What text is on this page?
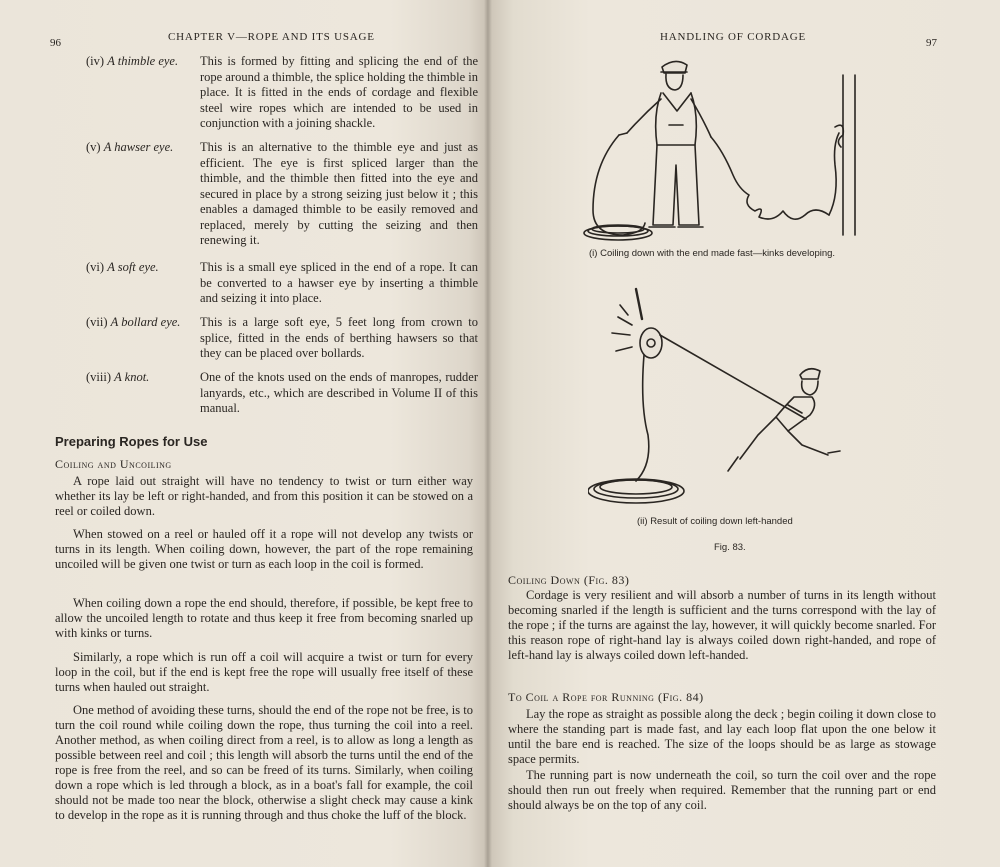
96	CHAPTER V—ROPE AND ITS USAGE
(iv) A thimble eye. This is formed by fitting and splicing the end of the rope around a thimble, the splice holding the thimble in place. It is fitted in the ends of cordage and flexible steel wire ropes which are intended to be used in conjunction with a joining shackle.
(v) A hawser eye. This is an alternative to the thimble eye and just as efficient. The eye is first spliced larger than the thimble, and the thimble then fitted into the eye and secured in place by a strong seizing just below it ; this enables a damaged thimble to be easily removed and replaced, merely by cutting the seizing and then renewing it.
(vi) A soft eye.	This is a small eye spliced in the end of a rope. It can be converted to a hawser eye by inserting a thimble and seizing it into place.
(vii) A bollard eye. This is a large soft eye, 5 feet long from crown to splice, fitted in the ends of berthing hawsers so that they can be placed over bollards.
(viii) A knot.	One of the knots used on the ends of manropes, rudder lanyards, etc., which are described in Volume II of this manual.
Preparing Ropes for Use
Coiling and Uncoiling
A rope laid out straight will have no tendency to twist or turn either way whether its lay be left or right-handed, and from this position it can be stowed on a reel or coiled down.
When stowed on a reel or hauled off it a rope will not develop any twists or turns in its length. When coiling down, however, the part of the rope remaining uncoiled will be given one twist or turn as each loop in the coil is formed.
When coiling down a rope the end should, therefore, if possible, be kept free to allow the uncoiled length to rotate and thus keep it free from becoming snarled up with kinks or turns.
Similarly, a rope which is run off a coil will acquire a twist or turn for every loop in the coil, but if the end is kept free the rope will usually free itself of these turns when hauled out straight.
One method of avoiding these turns, should the end of the rope not be free, is to turn the coil round while coiling down the rope, thus turning the coil into a reel. Another method, as when coiling direct from a reel, is to allow as long a length as possible between reel and coil ; this length will absorb the turns until the end of the rope is free from the reel, and so can be freed of its turns. Similarly, when coiling down a rope which is led through a block, as in a boat's fall for example, the coil should not be made too near the block, otherwise a slight check may cause a kink to develop in the rope as it is running through and thus choke the luff of the block.
HANDLING OF CORDAGE	97
(i) Coiling down with the end made fast—kinks developing.
(ii) Result of coiling down left-handed
Fig. 83.
Coiling Down (Fig. 83)
Cordage is very resilient and will absorb a number of turns in its length without becoming snarled if the length is sufficient and the turns correspond with the lay of the rope ; if the turns are against the lay, however, it will quickly become snarled. For this reason rope of right-hand lay is always coiled down right-handed, and rope of left-hand lay is always coiled down left-handed.
To Coil a Rope for Running (Fig. 84)
Lay the rope as straight as possible along the deck ; begin coiling it down close to where the standing part is made fast, and lay each loop flat upon the one below it until the bare end is reached. The size of the loops should be as large as stowage space permits.
The running part is now underneath the coil, so turn the coil over and the rope should then run out freely when required. Remember that the running part or end should always be on the top of any coil.
